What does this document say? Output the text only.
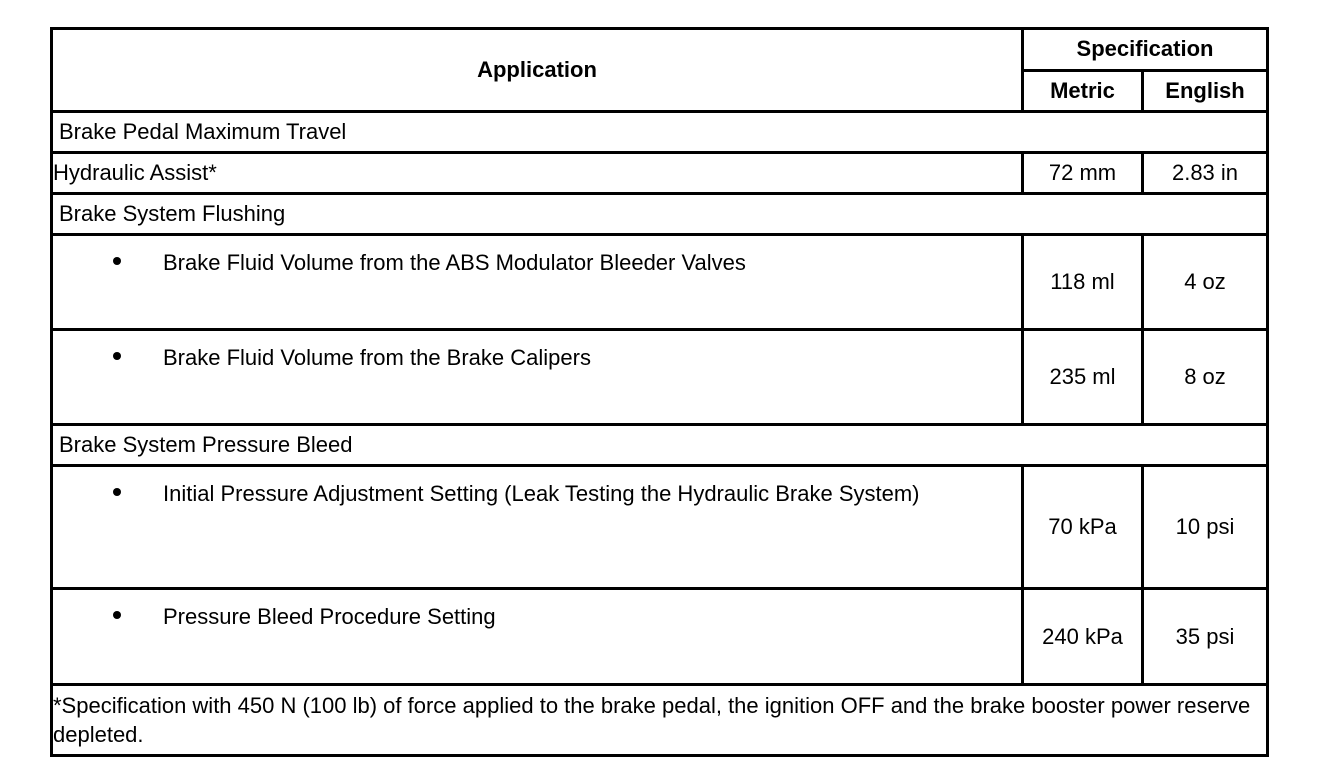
Application	Specification	
	Metric	English
Brake Pedal Maximum Travel		
Hydraulic Assist*	72 mm	2.83 in
Brake System Flushing		

Brake Fluid Volume from the ABS Modulator Bleeder Valves	118 ml	4 oz

Brake Fluid Volume from the Brake Calipers	235 ml	8 oz
Brake System Pressure Bleed		

Initial Pressure Adjustment Setting (Leak Testing the Hydraulic Brake System)	70 kPa	10 psi

Pressure Bleed Procedure Setting	240 kPa	35 psi
*Specification with 450 N (100 lb) of force applied to the brake pedal, the ignition OFF and the brake booster power reserve depleted.		
